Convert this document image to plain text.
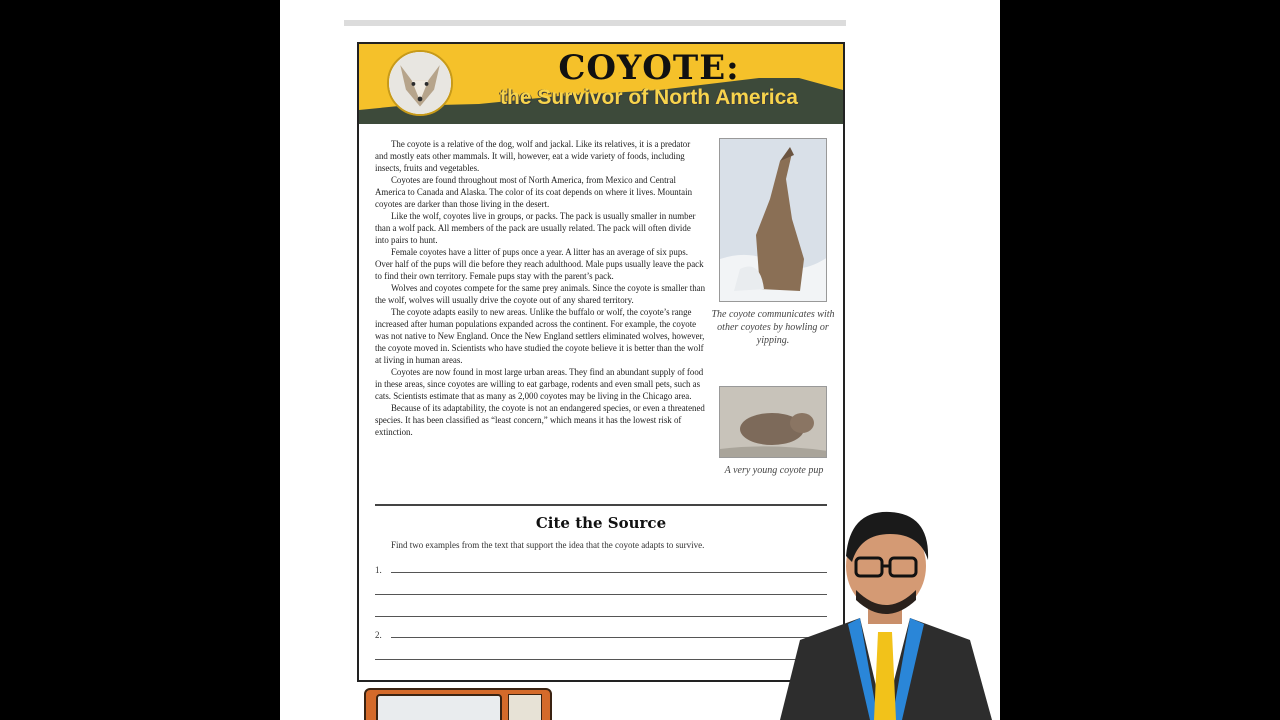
COYOTE:
the Survivor of North America

The coyote is a relative of the dog, wolf and jackal. Like its relatives, it is a predator and mostly eats other mammals. It will, however, eat a wide variety of foods, including insects, fruits and vegetables.

Coyotes are found throughout most of North America, from Mexico and Central America to Canada and Alaska. The color of its coat depends on where it lives. Mountain coyotes are darker than those living in the desert.

Like the wolf, coyotes live in groups, or packs. The pack is usually smaller in number than a wolf pack. All members of the pack are usually related. The pack will often divide into pairs to hunt.

Female coyotes have a litter of pups once a year. A litter has an average of six pups. Over half of the pups will die before they reach adulthood. Male pups usually leave the pack to find their own territory. Female pups stay with the parent’s pack.

Wolves and coyotes compete for the same prey animals. Since the coyote is smaller than the wolf, wolves will usually drive the coyote out of any shared territory.

The coyote adapts easily to new areas. Unlike the buffalo or wolf, the coyote’s range increased after human populations expanded across the continent. For example, the coyote was not native to New England. Once the New England settlers eliminated wolves, however, the coyote moved in. Scientists who have studied the coyote believe it is better than the wolf at living in human areas.

Coyotes are now found in most large urban areas. They find an abundant supply of food in these areas, since coyotes are willing to eat garbage, rodents and even small pets, such as cats. Scientists estimate that as many as 2,000 coyotes may be living in the Chicago area.

Because of its adaptability, the coyote is not an endangered species, or even a threatened species. It has been classified as “least concern,” which means it has the lowest risk of extinction.

The coyote communicates with other coyotes by howling or yipping.
A very young coyote pup
Cite the Source
Find two examples from the text that support the idea that the coyote adapts to survive.
1.
2.
